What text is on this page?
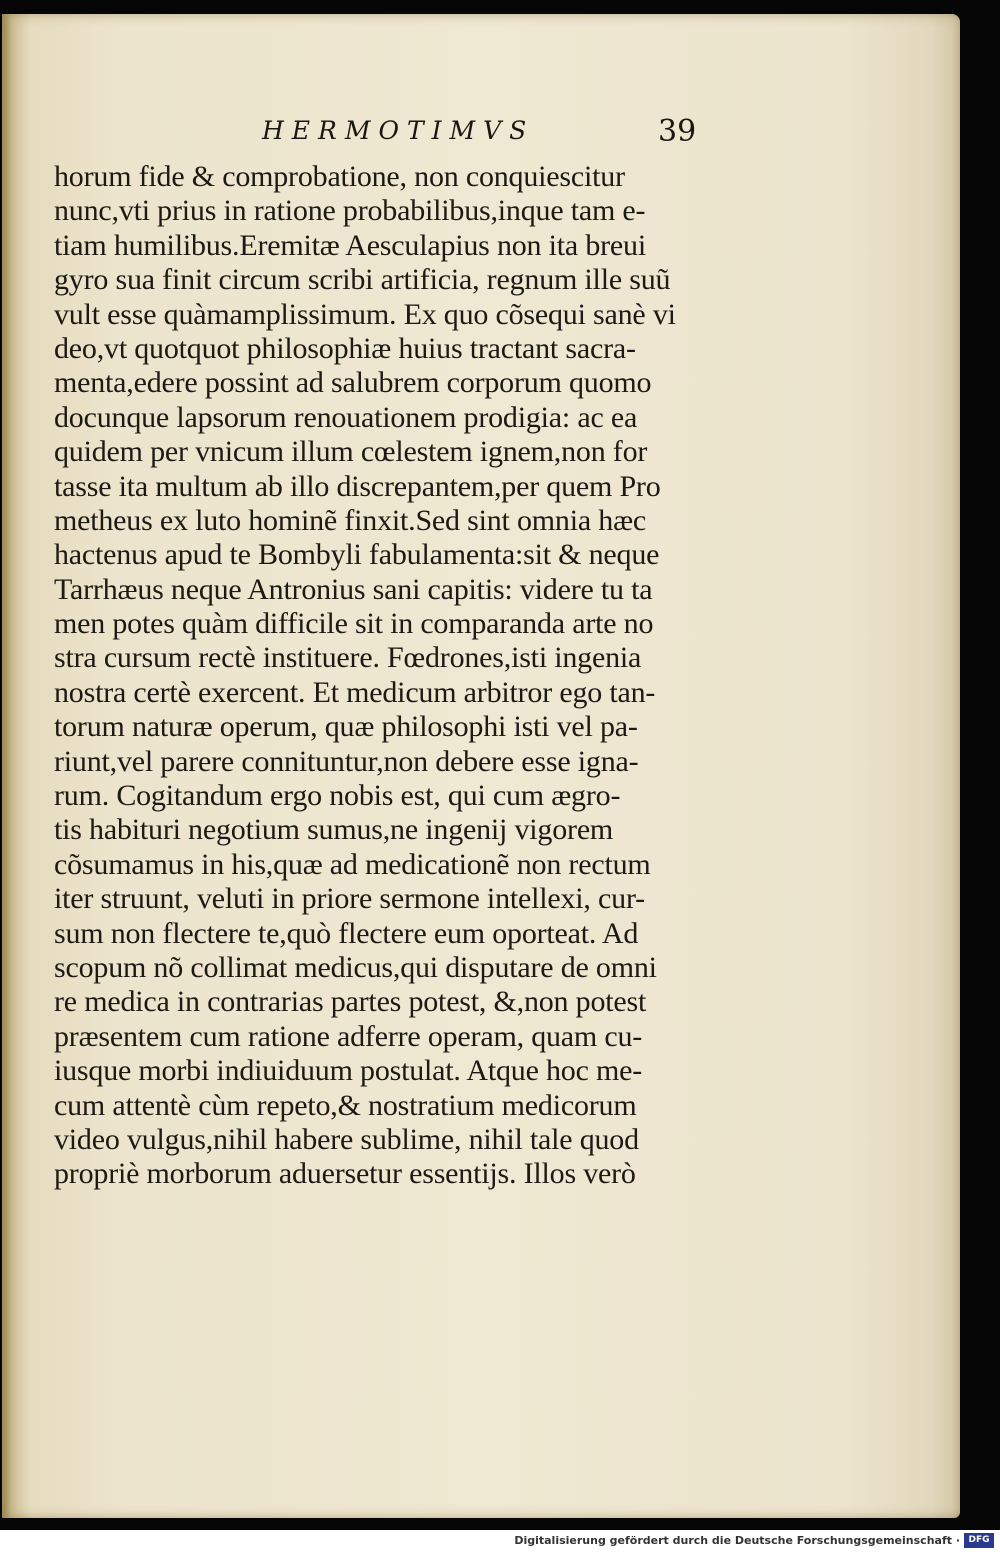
HERMOTIMVS	39
horum fide & comprobatione, non conquiescitur
nunc,vti prius in ratione probabilibus,inque tam e-
tiam humilibus.Eremitæ Aesculapius non ita breui
gyro sua finit circum scribi artificia, regnum ille suũ
vult esse quàmamplissimum. Ex quo cõsequi sanè vi
deo,vt quotquot philosophiæ huius tractant sacra-
menta,edere possint ad salubrem corporum quomo
docunque lapsorum renouationem prodigia: ac ea
quidem per vnicum illum cœlestem ignem,non for
tasse ita multum ab illo discrepantem,per quem Pro
metheus ex luto hominẽ finxit.Sed sint omnia hæc
hactenus apud te Bombyli fabulamenta:sit & neque
Tarrhæus neque Antronius sani capitis: videre tu ta
men potes quàm difficile sit in comparanda arte no
stra cursum rectè instituere. Fœdrones,isti ingenia
nostra certè exercent. Et medicum arbitror ego tan-
torum naturæ operum, quæ philosophi isti vel pa-
riunt,vel parere connituntur,non debere esse igna-
rum. Cogitandum ergo nobis est, qui cum ægro-
tis habituri negotium sumus,ne ingenij vigorem
cõsumamus in his,quæ ad medicationẽ non rectum
iter struunt, veluti in priore sermone intellexi, cur-
sum non flectere te,quò flectere eum oporteat. Ad
scopum nõ collimat medicus,qui disputare de omni
re medica in contrarias partes potest, &,non potest
præsentem cum ratione adferre operam, quam cu-
iusque morbi indiuiduum postulat. Atque hoc me-
cum attentè cùm repeto,& nostratium medicorum
video vulgus,nihil habere sublime, nihil tale quod
propriè morborum aduersetur essentijs. Illos verò
Digitalisierung gefördert durch die Deutsche Forschungsgemeinschaft · DFG
